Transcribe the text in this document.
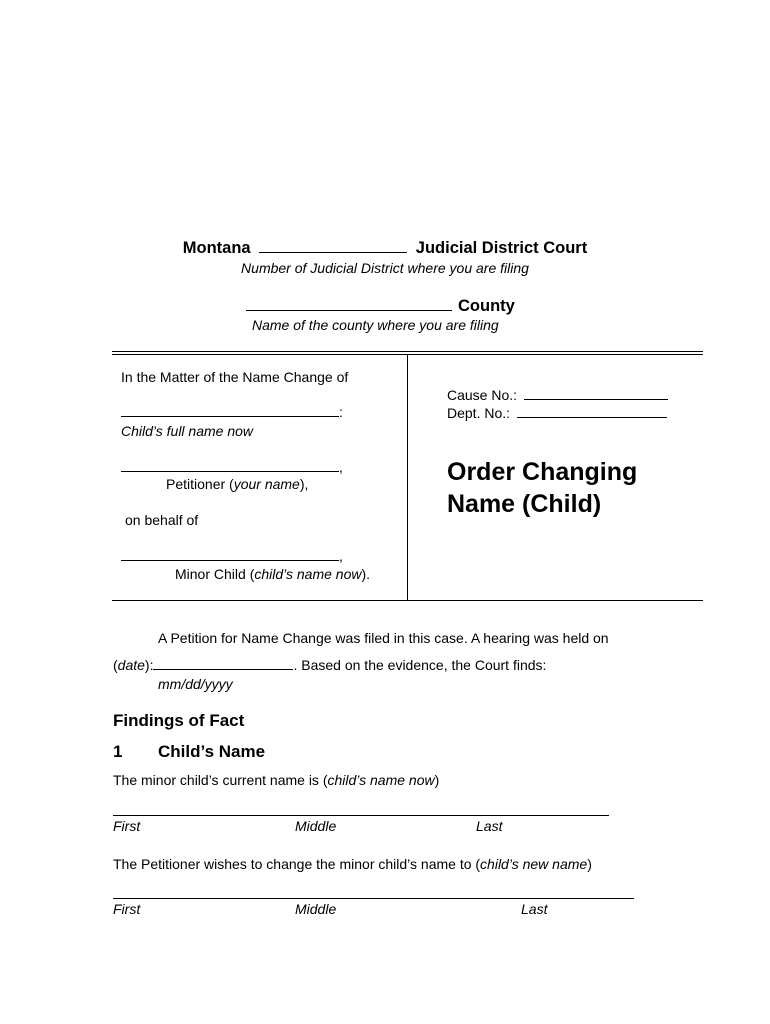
Montana	Judicial District Court
Number of Judicial District where you are filing
County
Name of the county where you are filing
In the Matter of the Name Change of
:
Child’s full name now
,
Petitioner (your name),
on behalf of
,
Minor Child (child’s name now).
Cause No.:
Dept. No.:
Order Changing Name (Child)
A Petition for Name Change was filed in this case. A hearing was held on
(date):	. Based on the evidence, the Court finds:
mm/dd/yyyy
Findings of Fact
1 Child’s Name
The minor child’s current name is (child’s name now)
First	Middle	Last
The Petitioner wishes to change the minor child’s name to (child’s new name)
First	Middle	Last
